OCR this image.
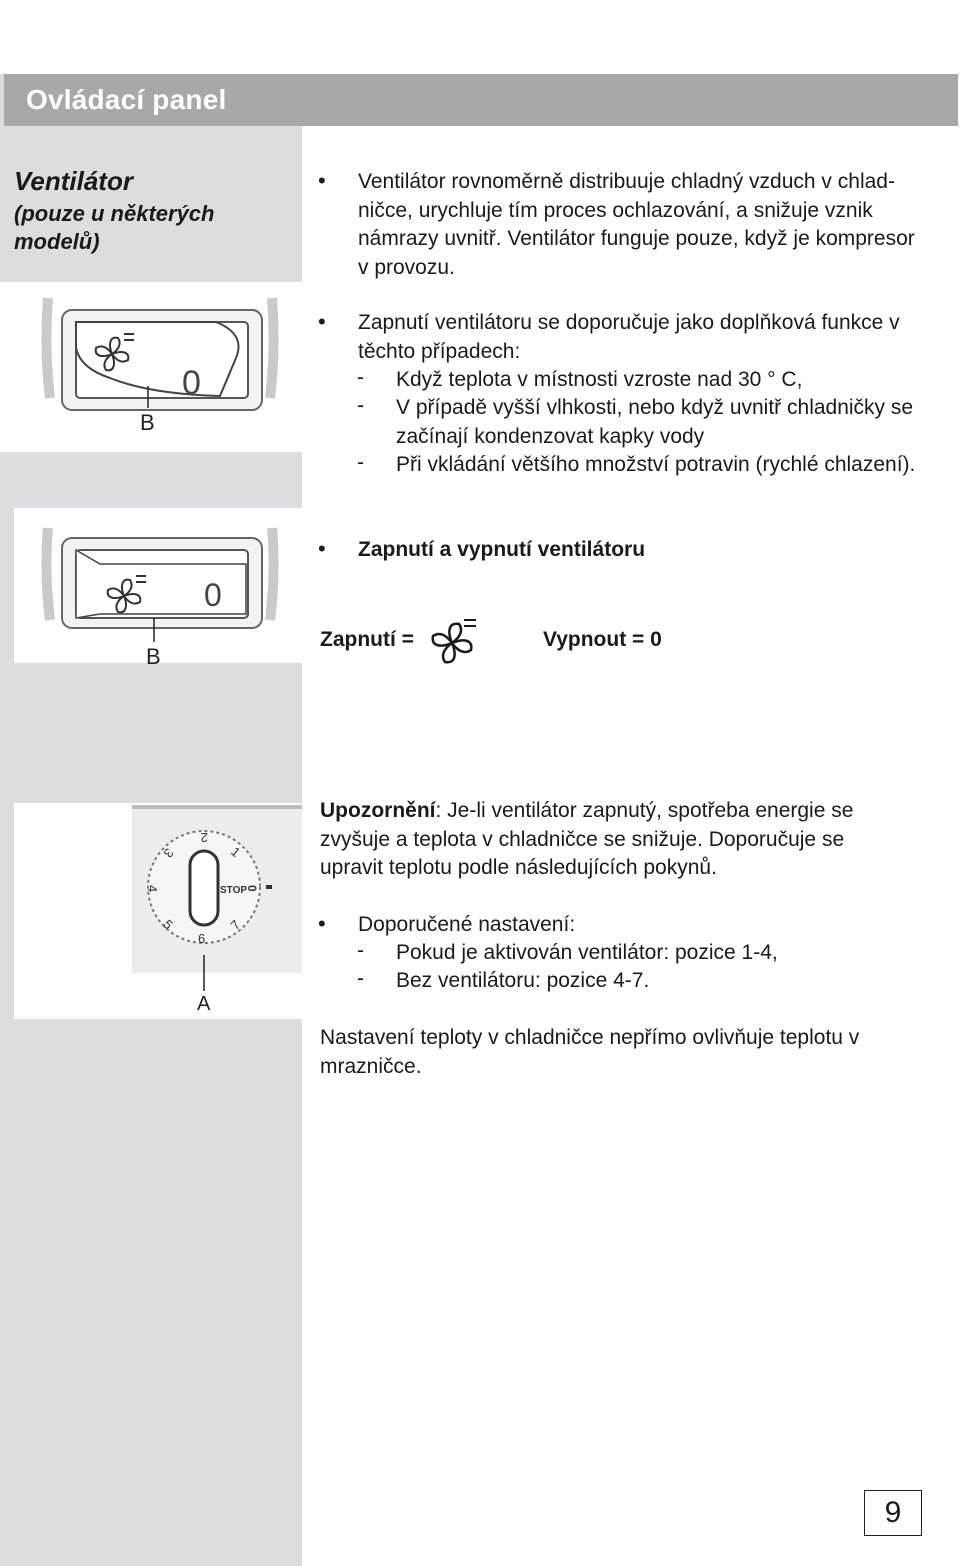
Ovládací panel
Ventilátor
(pouze u některých
modelů)
0
B
0
B
1
2
3
4
5
6
7
STOP
0
A
• Ventilátor rovnoměrně distribuuje chladný vzduch v chlad-
ničce, urychluje tím proces ochlazování, a snižuje vznik
námrazy uvnitř. Ventilátor funguje pouze, když je kompresor
v provozu.
• Zapnutí ventilátoru se doporučuje jako doplňková funkce v
těchto případech:
- Když teplota v místnosti vzroste nad 30 ° C,
- V případě vyšší vlhkosti, nebo když uvnitř chladničky se
začínají kondenzovat kapky vody
- Při vkládání většího množství potravin (rychlé chlazení).
• Zapnutí a vypnutí ventilátoru
Zapnutí =	Vypnout = 0
Upozornění: Je-li ventilátor zapnutý, spotřeba energie se
zvyšuje a teplota v chladničce se snižuje. Doporučuje se
upravit teplotu podle následujících pokynů.
• Doporučené nastavení:
- Pokud je aktivován ventilátor: pozice 1-4,
- Bez ventilátoru: pozice 4-7.
Nastavení teploty v chladničce nepřímo ovlivňuje teplotu v
mrazničce.
9
